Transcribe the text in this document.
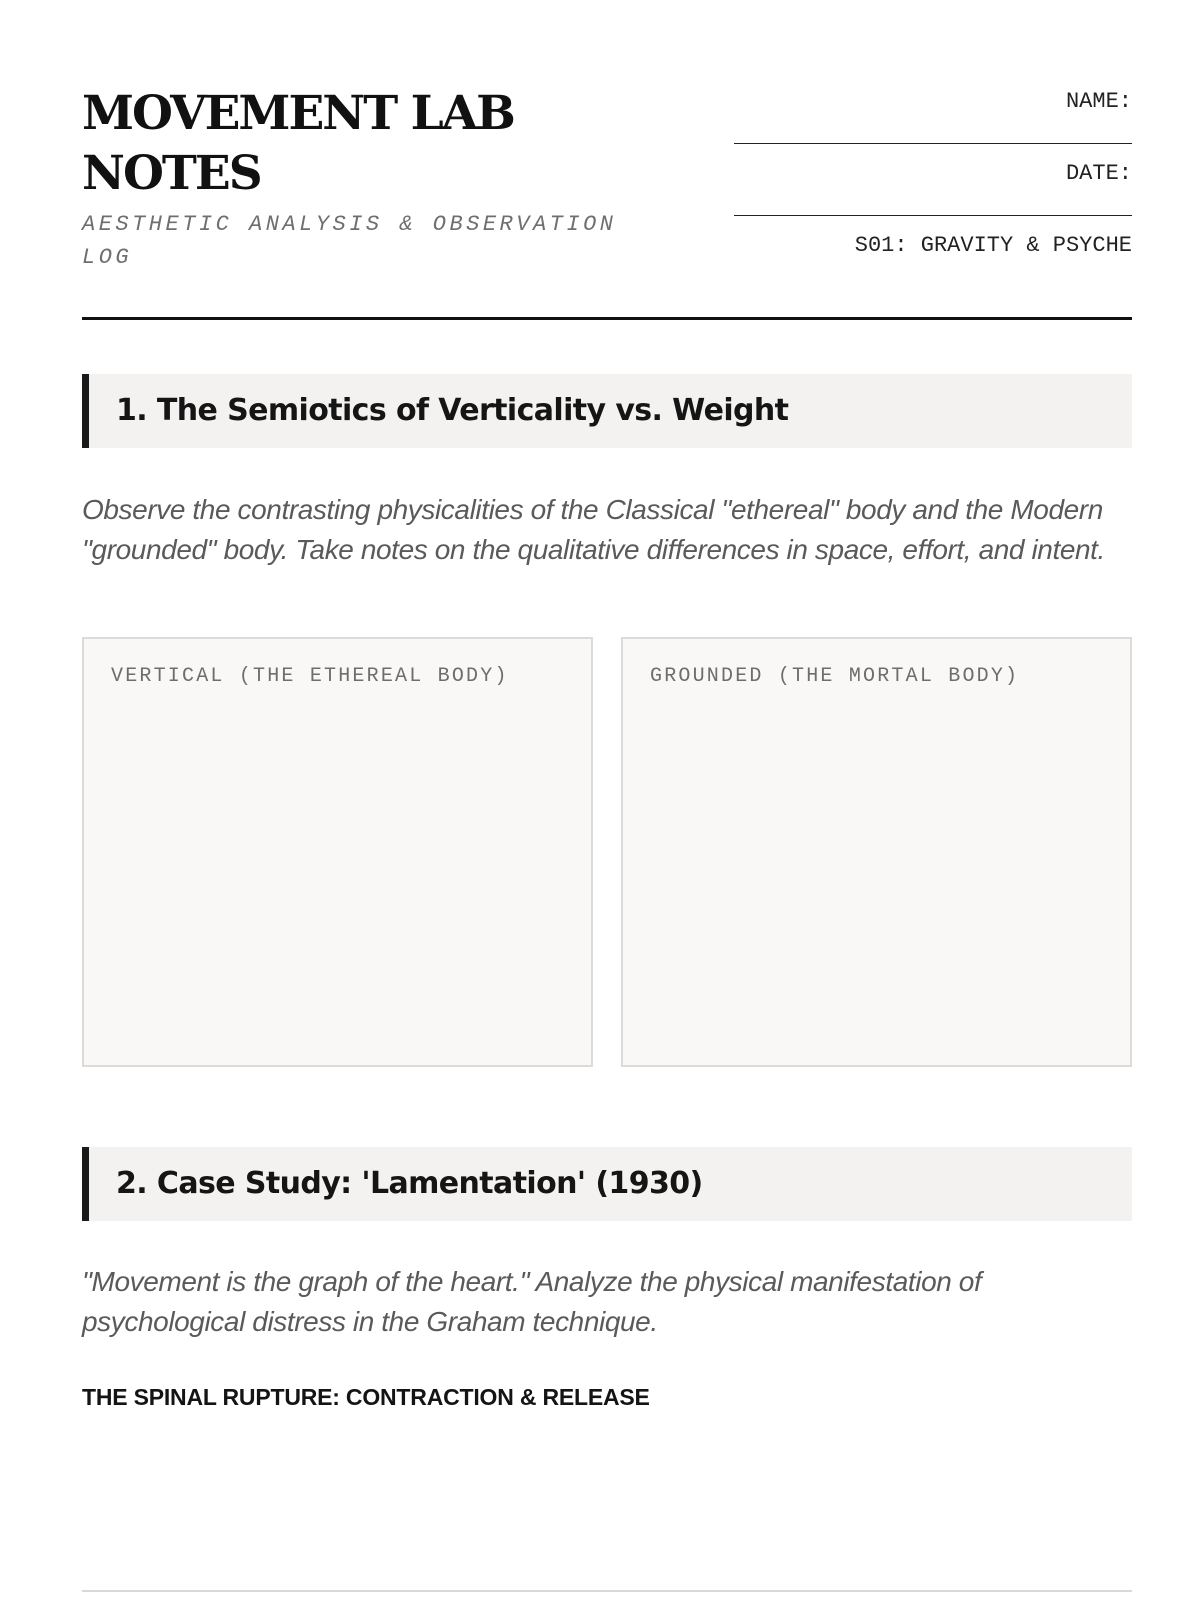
MOVEMENT LAB NOTES
AESTHETIC ANALYSIS & OBSERVATION LOG
NAME:
DATE:
S01: GRAVITY & PSYCHE
1. The Semiotics of Verticality vs. Weight

Observe the contrasting physicalities of the Classical "ethereal" body and the Modern "grounded" body. Take notes on the qualitative differences in space, effort, and intent.

VERTICAL (THE ETHEREAL BODY)	GROUNDED (THE MORTAL BODY)
2. Case Study: 'Lamentation' (1930)

"Movement is the graph of the heart." Analyze the physical manifestation of psychological distress in the Graham technique.

THE SPINAL RUPTURE: CONTRACTION & RELEASE
